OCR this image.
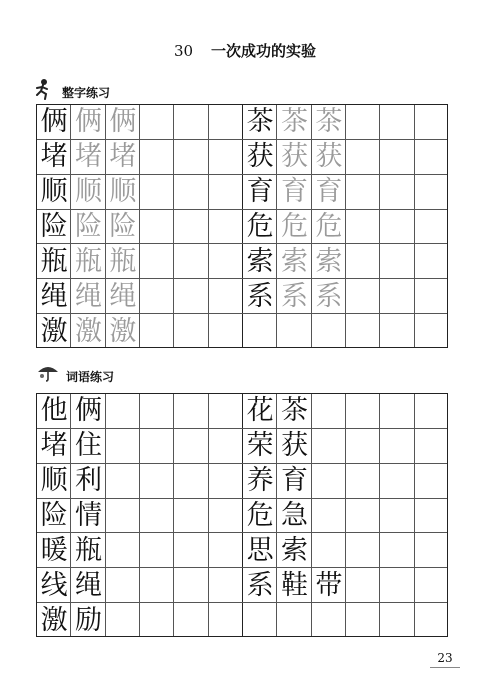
30 一次成功的实验
整字练习
俩 俩 俩
堵 堵 堵
顺 顺 顺
险 险 险
瓶 瓶 瓶
绳 绳 绳
激 激 激
茶 茶 茶
获 获 获
育 育 育
危 危 危
索 索 索
系 系 系
词语练习
他 俩
堵 住
顺 利
险 情
暖 瓶
线 绳
激 励
花 茶
荣 获
养 育
危 急
思 索
系 鞋 带
23
